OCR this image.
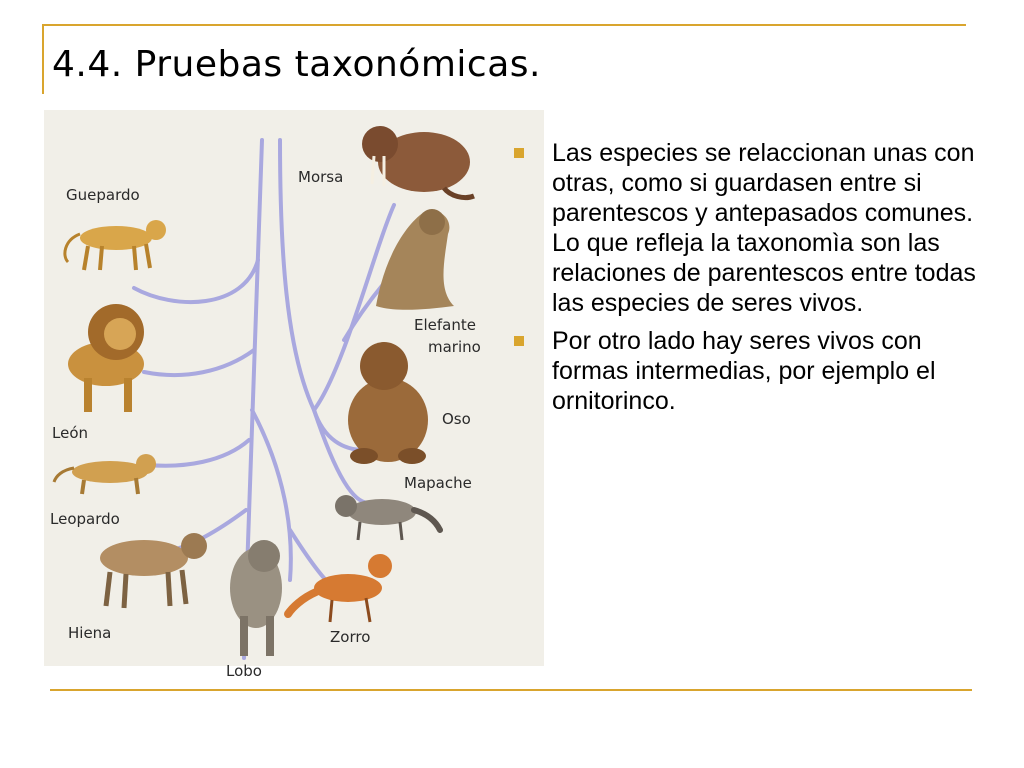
4.4. Pruebas taxonómicas.
Guepardo
León
Leopardo
Hiena
Lobo
Zorro
Mapache
Oso
Elefante
marino
Morsa
Las especies se relaccionan unas con otras, como si guardasen entre si parentescos y antepasados comunes. Lo que refleja la taxonomìa son las relaciones de parentescos entre todas las especies de seres vivos.
Por otro lado hay seres vivos con formas intermedias, por ejemplo el ornitorinco.
